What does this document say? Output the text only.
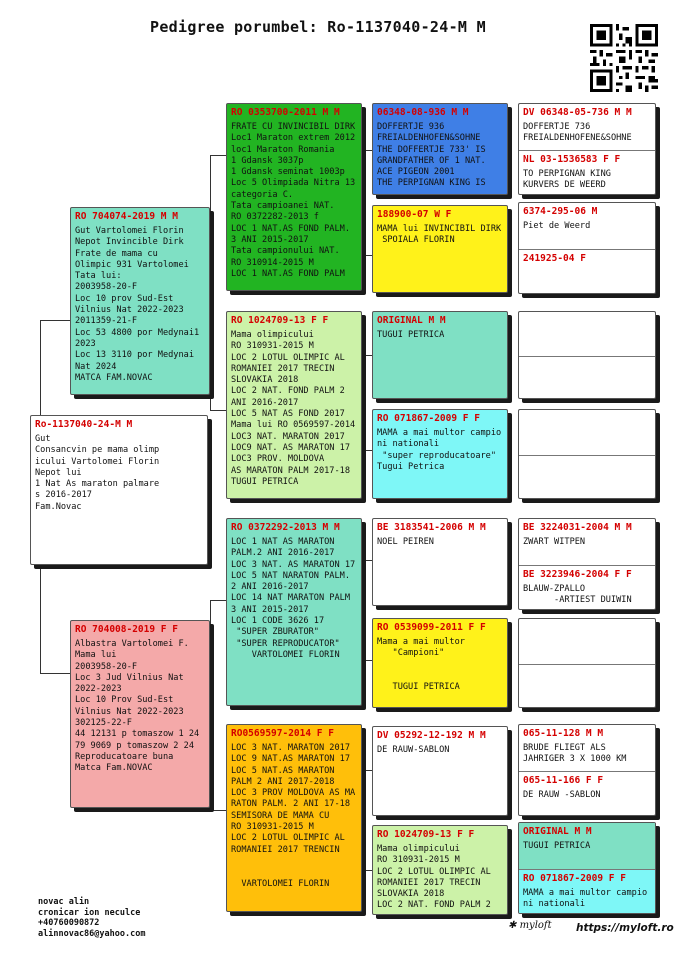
Pedigree porumbel: Ro-1137040-24-M M
Ro-1137040-24-M M
Gut
Consancvin pe mama olimp
icului Vartolomei Florin
Nepot lui
1 Nat As maraton palmare
s 2016-2017
Fam.Novac
RO 704074-2019 M M
Gut Vartolomei Florin
Nepot Invincible Dirk
Frate de mama cu
Olimpic 931 Vartolomei
Tata lui:
2003958-20-F
Loc 10 prov Sud-Est
Vilnius Nat 2022-2023
2011359-21-F
Loc 53 4800 por Medynai1
2023
Loc 13 3110 por Medynai
Nat 2024
MATCA FAM.NOVAC
RO 704008-2019 F F
Albastra Vartolomei F.
Mama lui
2003958-20-F
Loc 3 Jud Vilnius Nat
2022-2023
Loc 10 Prov Sud-Est
Vilnius Nat 2022-2023
302125-22-F
44 12131 p tomaszow 1 24
79 9069 p tomaszow 2 24
Reproducatoare buna
Matca Fam.NOVAC
RO 0353700-2011 M M
FRATE CU INVINCIBIL DIRK
Loc1 Maraton extrem 2012
loc1 Maraton Romania
1 Gdansk 3037p
1 Gdansk seminat 1003p
Loc 5 Olimpiada Nitra 13
categoria C.
Tata campioanei NAT.
RO 0372282-2013 f
LOC 1 NAT.AS FOND PALM.
3 ANI 2015-2017
Tata campionului NAT.
RO 310914-2015 M
LOC 1 NAT.AS FOND PALM
RO 1024709-13 F F
Mama olimpicului
RO 310931-2015 M
LOC 2 LOTUL OLIMPIC AL
ROMANIEI 2017 TRECIN
SLOVAKIA 2018
LOC 2 NAT. FOND PALM 2
ANI 2016-2017
LOC 5 NAT AS FOND 2017
Mama lui RO 0569597-2014
LOC3 NAT. MARATON 2017
LOC9 NAT. AS MARATON 17
LOC3 PROV. MOLDOVA
AS MARATON PALM 2017-18
TUGUI PETRICA
RO 0372292-2013 M M
LOC 1 NAT AS MARATON
PALM.2 ANI 2016-2017
LOC 3 NAT. AS MARATON 17
LOC 5 NAT NARATON PALM.
2 ANI 2016-2017
LOC 14 NAT MARATON PALM
3 ANI 2015-2017
LOC 1 CODE 3626 17
"SUPER ZBURATOR"
"SUPER REPRODUCATOR"
VARTOLOMEI FLORIN
RO0569597-2014 F F
LOC 3 NAT. MARATON 2017
LOC 9 NAT.AS MARATON 17
LOC 5 NAT.AS MARATON
PALM 2 ANI 2017-2018
LOC 3 PROV MOLDOVA AS MA
RATON PALM. 2 ANI 17-18
SEMISORA DE MAMA CU
RO 310931-2015 M
LOC 2 LOTUL OLIMPIC AL
ROMANIEI 2017 TRENCIN

VARTOLOMEI FLORIN
06348-08-936 M M
DOFFERTJE 936
FREIALDENHOFEN&SOHNE
THE DOFFERTJE 733' IS
GRANDFATHER OF 1 NAT.
ACE PIGEON 2001
THE PERPIGNAN KING IS
188900-07 W F
MAMA lui INVINCIBIL DIRK
SPOIALA FLORIN
ORIGINAL M M
TUGUI PETRICA
RO 071867-2009 F F
MAMA a mai multor campio
ni nationali
"super reproducatoare"
Tugui Petrica
BE 3183541-2006 M M
NOEL PEIREN
RO 0539099-2011 F F
Mama a mai multor
"Campioni"

TUGUI PETRICA
DV 05292-12-192 M M
DE RAUW-SABLON
RO 1024709-13 F F
Mama olimpicului
RO 310931-2015 M
LOC 2 LOTUL OLIMPIC AL
ROMANIEI 2017 TRECIN
SLOVAKIA 2018
LOC 2 NAT. FOND PALM 2
DV 06348-05-736 M M
DOFFERTJE 736
FREIALDENHOFENE&SOHNE
NL 03-1536583 F F
TO PERPIGNAN KING
KURVERS DE WEERD
6374-295-06 M
Piet de Weerd
241925-04 F
BE 3224031-2004 M M
ZWART WITPEN
BE 3223946-2004 F F
BLAUW-ZPALLO
-ARTIEST DUIWIN
065-11-128 M M
BRUDE FLIEGT ALS
JAHRIGER 3 X 1000 KM
065-11-166 F F
DE RAUW -SABLON
ORIGINAL M M
TUGUI PETRICA
RO 071867-2009 F F
MAMA a mai multor campio
ni nationali
novac alin
cronicar ion neculce
+40760090872
alinnovac86@yahoo.com
✱ myloft https://myloft.ro
